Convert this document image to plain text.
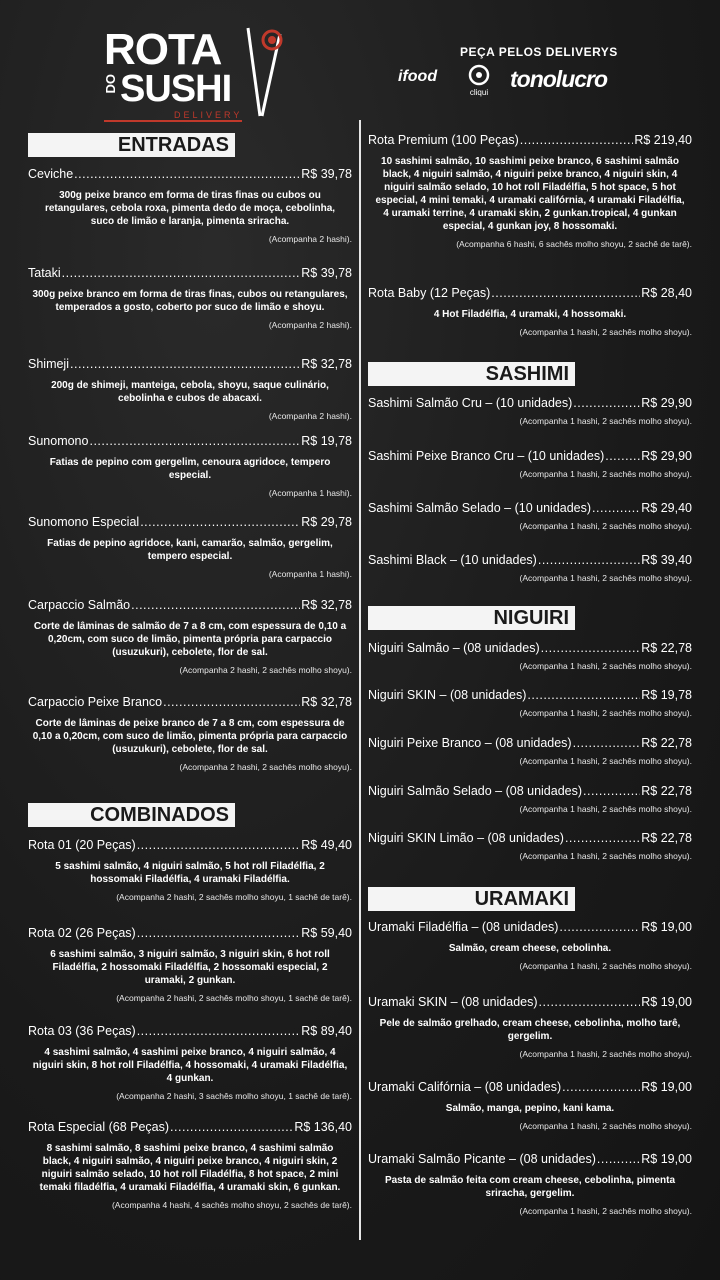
ROTA
DO SUSHI
DELIVERY
PEÇA PELOS DELIVERYS
ifood
cliqui
tonolucro
ENTRADAS
Ceviche .....	R$ 39,78
300g peixe branco em forma de tiras finas ou cubos ou retangulares, cebola roxa, pimenta dedo de moça, cebolinha, suco de limão e laranja, pimenta sriracha.
(Acompanha 2 hashi).
Tataki .....	R$ 39,78
300g peixe branco em forma de tiras finas, cubos ou retangulares, temperados a gosto, coberto por suco de limão e shoyu.
(Acompanha 2 hashi).
Shimeji .....	R$ 32,78
200g de shimeji, manteiga, cebola, shoyu, saque culinário, cebolinha e cubos de abacaxi.
(Acompanha 2 hashi).
Sunomono .....	R$ 19,78
Fatias de pepino com gergelim, cenoura agridoce, tempero especial.
(Acompanha 1 hashi).
Sunomono Especial .....	R$ 29,78
Fatias de pepino agridoce, kani, camarão, salmão, gergelim, tempero especial.
(Acompanha 1 hashi).
Carpaccio Salmão .....	R$ 32,78
Corte de lâminas de salmão de 7 a 8 cm, com espessura de 0,10 a 0,20cm, com suco de limão, pimenta própria para carpaccio (usuzukuri), cebolete, flor de sal.
(Acompanha 2 hashi, 2 sachês molho shoyu).
Carpaccio Peixe Branco .....	R$ 32,78
Corte de lâminas de peixe branco de 7 a 8 cm, com espessura de 0,10 a 0,20cm, com suco de limão, pimenta própria para carpaccio (usuzukuri), cebolete, flor de sal.
(Acompanha 2 hashi, 2 sachês molho shoyu).
COMBINADOS
Rota 01 (20 Peças) .....	R$ 49,40
5 sashimi salmão, 4 niguiri salmão, 5 hot roll Filadélfia, 2 hossomaki Filadélfia, 4 uramaki Filadélfia.
(Acompanha 2 hashi, 2 sachês molho shoyu, 1 sachê de tarê).
Rota 02 (26 Peças) .....	R$ 59,40
6 sashimi salmão, 3 niguiri salmão, 3 niguiri skin, 6 hot roll Filadélfia, 2 hossomaki Filadélfia, 2 hossomaki especial, 2 uramaki, 2 gunkan.
(Acompanha 2 hashi, 2 sachês molho shoyu, 1 sachê de tarê).
Rota 03 (36 Peças) .....	R$ 89,40
4 sashimi salmão, 4 sashimi peixe branco, 4 niguiri salmão, 4 niguiri skin, 8 hot roll Filadélfia, 4 hossomaki, 4 uramaki Filadélfia, 4 gunkan.
(Acompanha 2 hashi, 3 sachês molho shoyu, 1 sachê de tarê).
Rota Especial (68 Peças) .....	R$ 136,40
8 sashimi salmão, 8 sashimi peixe branco, 4 sashimi salmão black, 4 niguiri salmão, 4 niguiri peixe branco, 4 niguiri skin, 2 niguiri salmão selado, 10 hot roll Filadélfia, 8 hot space, 2 mini temaki filadélfia, 4 uramaki Filadélfia, 4 uramaki skin, 6 gunkan.
(Acompanha 4 hashi, 4 sachês molho shoyu, 2 sachês de tarê).
Rota Premium (100 Peças) .....	R$ 219,40
10 sashimi salmão, 10 sashimi peixe branco, 6 sashimi salmão black, 4 niguiri salmão, 4 niguiri peixe branco, 4 niguiri skin, 4 niguiri salmão selado, 10 hot roll Filadélfia, 5 hot space, 5 hot especial, 4 mini temaki, 4 uramaki califórnia, 4 uramaki Filadélfia, 4 uramaki terrine, 4 uramaki skin, 2 gunkan.tropical, 4 gunkan especial, 4 gunkan joy, 8 hossomaki.
(Acompanha 6 hashi, 6 sachês molho shoyu, 2 sachê de tarê).
Rota Baby (12 Peças) .....	R$ 28,40
4 Hot Filadélfia, 4 uramaki, 4 hossomaki.
(Acompanha 1 hashi, 2 sachês molho shoyu).
SASHIMI
Sashimi Salmão Cru – (10 unidades) .....	R$ 29,90
(Acompanha 1 hashi, 2 sachês molho shoyu).
Sashimi Peixe Branco Cru – (10 unidades) .....	R$ 29,90
(Acompanha 1 hashi, 2 sachês molho shoyu).
Sashimi Salmão Selado – (10 unidades) .....	R$ 29,40
(Acompanha 1 hashi, 2 sachês molho shoyu).
Sashimi Black – (10 unidades) .....	R$ 39,40
(Acompanha 1 hashi, 2 sachês molho shoyu).
NIGUIRI
Niguiri Salmão – (08 unidades) .....	R$ 22,78
(Acompanha 1 hashi, 2 sachês molho shoyu).
Niguiri SKIN – (08 unidades) .....	R$ 19,78
(Acompanha 1 hashi, 2 sachês molho shoyu).
Niguiri Peixe Branco – (08 unidades) .....	R$ 22,78
(Acompanha 1 hashi, 2 sachês molho shoyu).
Niguiri Salmão Selado – (08 unidades) .....	R$ 22,78
(Acompanha 1 hashi, 2 sachês molho shoyu).
Niguiri SKIN Limão – (08 unidades) .....	R$ 22,78
(Acompanha 1 hashi, 2 sachês molho shoyu).
URAMAKI
Uramaki Filadélfia – (08 unidades) .....	R$ 19,00
Salmão, cream cheese, cebolinha.
(Acompanha 1 hashi, 2 sachês molho shoyu).
Uramaki SKIN – (08 unidades) .....	R$ 19,00
Pele de salmão grelhado, cream cheese, cebolinha, molho tarê, gergelim.
(Acompanha 1 hashi, 2 sachês molho shoyu).
Uramaki Califórnia – (08 unidades) .....	R$ 19,00
Salmão, manga, pepino, kani kama.
(Acompanha 1 hashi, 2 sachês molho shoyu).
Uramaki Salmão Picante – (08 unidades) .....	R$ 19,00
Pasta de salmão feita com cream cheese, cebolinha, pimenta sriracha, gergelim.
(Acompanha 1 hashi, 2 sachês molho shoyu).
